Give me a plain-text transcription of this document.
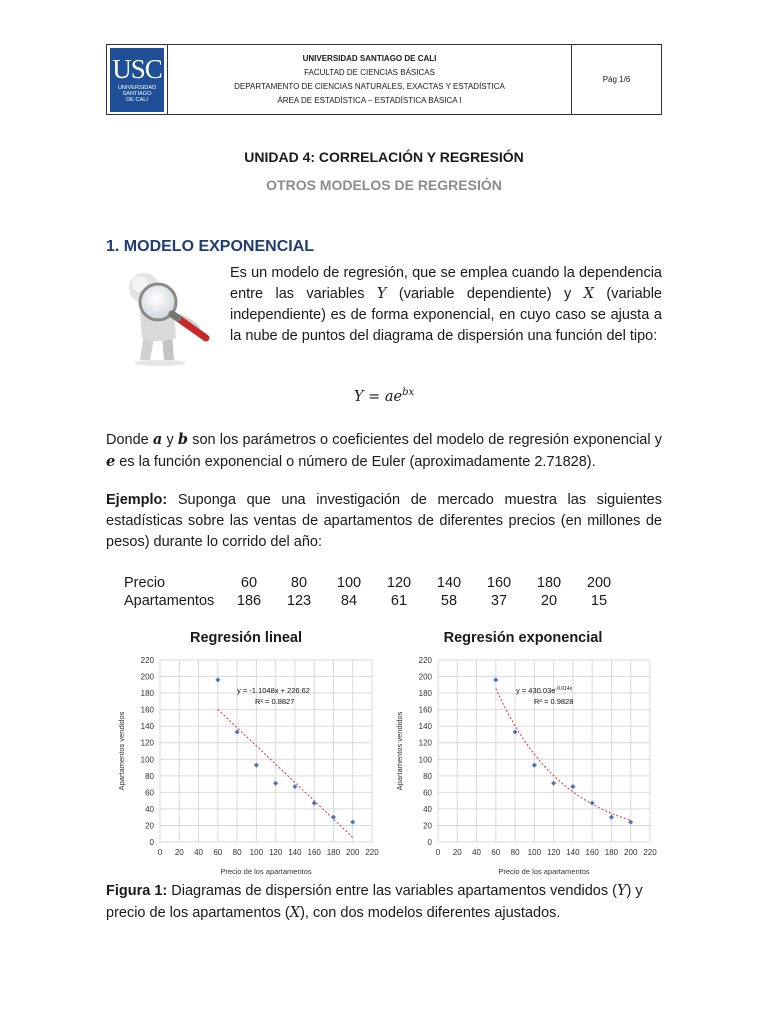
USC
UNIVERSIDAD
SANTIAGO
DE CALI
UNIVERSIDAD SANTIAGO DE CALI
FACULTAD DE CIENCIAS BÁSICAS
DEPARTAMENTO DE CIENCIAS NATURALES, EXACTAS Y ESTADÍSTICA
ÁREA DE ESTADÍSTICA – ESTADÍSTICA BÁSICA I
Pág 1/6
UNIDAD 4: CORRELACIÓN Y REGRESIÓN
OTROS MODELOS DE REGRESIÓN
1. MODELO EXPONENCIAL
Es un modelo de regresión, que se emplea cuando la dependencia entre las variables Y (variable dependiente) y X (variable independiente) es de forma exponencial, en cuyo caso se ajusta a la nube de puntos del diagrama de dispersión una función del tipo:
$Y = ae^{bx}$
Donde a y b son los parámetros o coeficientes del modelo de regresión exponencial y e es la función exponencial o número de Euler (aproximadamente 2.71828).
Ejemplo: Suponga que una investigación de mercado muestra las siguientes estadísticas sobre las ventas de apartamentos de diferentes precios (en millones de pesos) durante lo corrido del año:
Precio	60	80	100	120	140	160	180	200
Apartamentos	186	123	84	61	58	37	20	15
Regresión lineal	Regresión exponencial
0 20 40 60 80 100 120 140 160 180 200 220
0
20
40
60
80
100
120
140
160
180
200
220
Precio de los apartamentos
Apartamentos vendidos
y = -1.1048x + 226.62
R² = 0.8827
0 20 40 60 80 100 120 140 160 180 200 220
0
20
40
60
80
100
120
140
160
180
200
220
Precio de los apartamentos
Apartamentos vendidos
$y = 430.03e^{-0.014x}$
R² = 0.9828
Figura 1: Diagramas de dispersión entre las variables apartamentos vendidos (Y) y precio de los apartamentos (X), con dos modelos diferentes ajustados.
